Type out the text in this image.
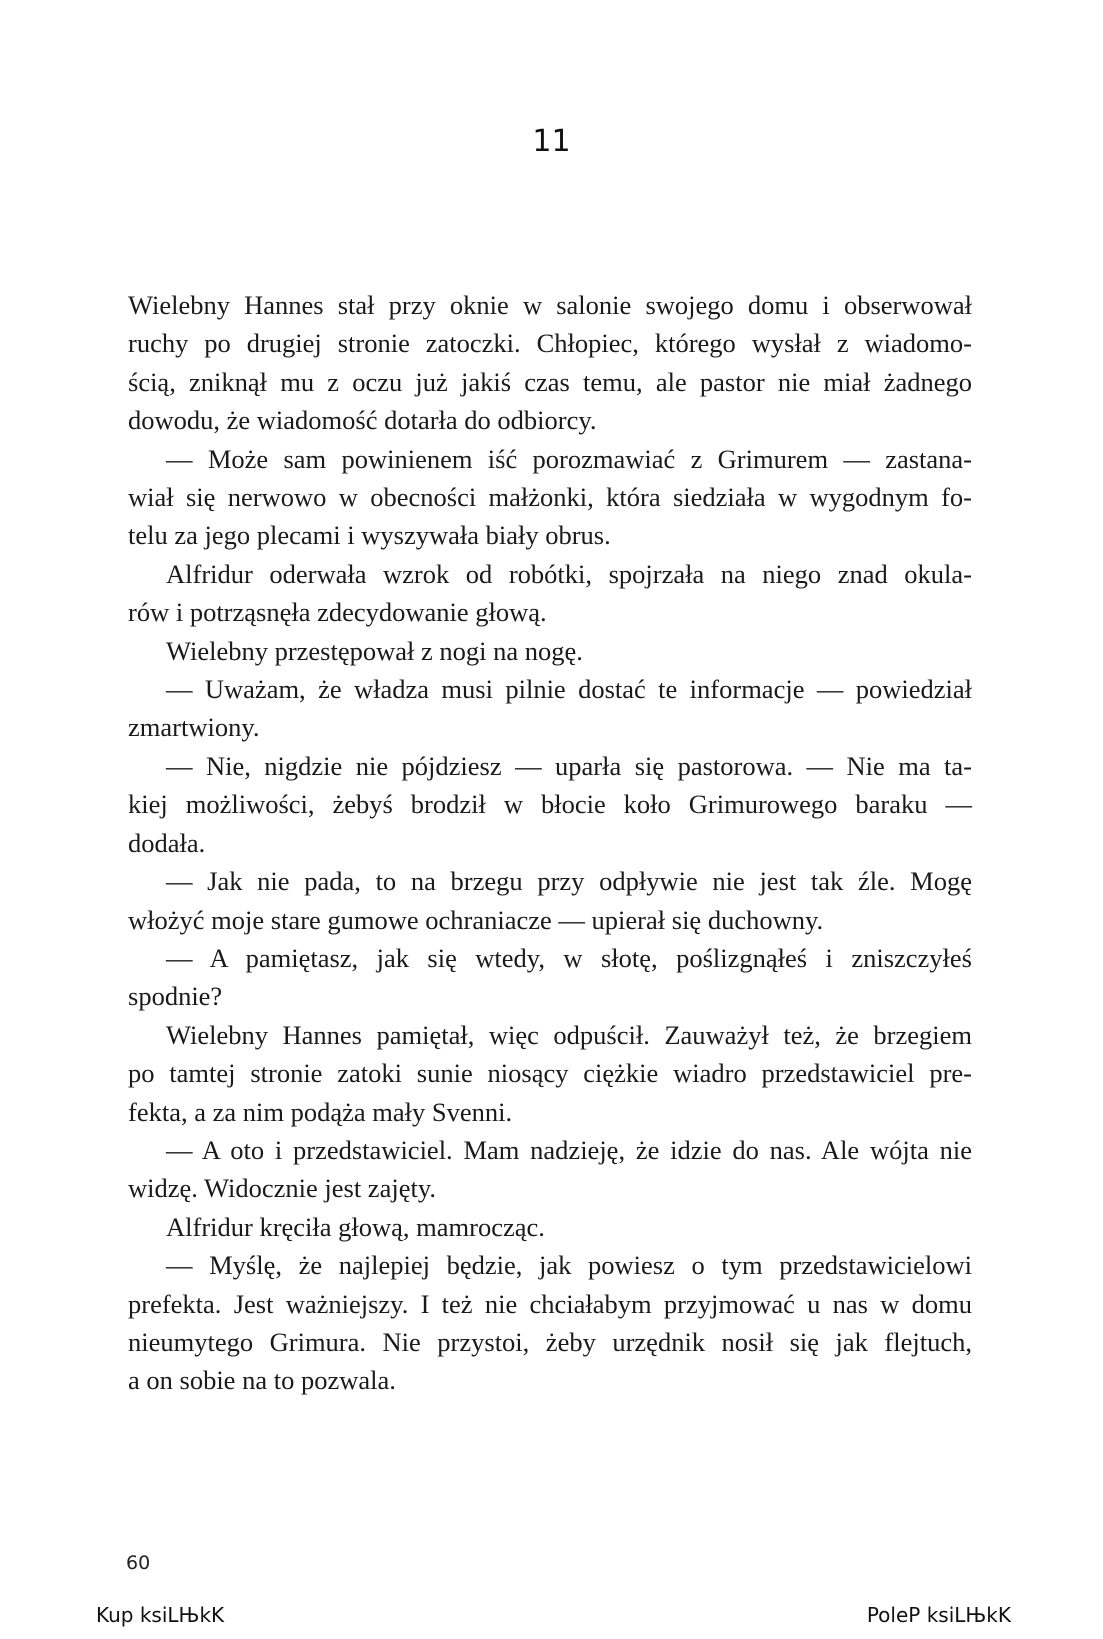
11
Wielebny Hannes stał przy oknie w salonie swojego domu i obserwował
ruchy po drugiej stronie zatoczki. Chłopiec, którego wysłał z wiadomo-
ścią, zniknął mu z oczu już jakiś czas temu, ale pastor nie miał żadnego
dowodu, że wiadomość dotarła do odbiorcy.
— Może sam powinienem iść porozmawiać z Grimurem — zastana-
wiał się nerwowo w obecności małżonki, która siedziała w wygodnym fo-
telu za jego plecami i wyszywała biały obrus.
Alfridur oderwała wzrok od robótki, spojrzała na niego znad okula-
rów i potrząsnęła zdecydowanie głową.
Wielebny przestępował z nogi na nogę.
— Uważam, że władza musi pilnie dostać te informacje — powiedział
zmartwiony.
— Nie, nigdzie nie pójdziesz — uparła się pastorowa. — Nie ma ta-
kiej możliwości, żebyś brodził w błocie koło Grimurowego baraku —
dodała.
— Jak nie pada, to na brzegu przy odpływie nie jest tak źle. Mogę
włożyć moje stare gumowe ochraniacze — upierał się duchowny.
— A pamiętasz, jak się wtedy, w słotę, poślizgnąłeś i zniszczyłeś
spodnie?
Wielebny Hannes pamiętał, więc odpuścił. Zauważył też, że brzegiem
po tamtej stronie zatoki sunie niosący ciężkie wiadro przedstawiciel pre-
fekta, a za nim podąża mały Svenni.
— A oto i przedstawiciel. Mam nadzieję, że idzie do nas. Ale wójta nie
widzę. Widocznie jest zajęty.
Alfridur kręciła głową, mamrocząc.
— Myślę, że najlepiej będzie, jak powiesz o tym przedstawicielowi
prefekta. Jest ważniejszy. I też nie chciałabym przyjmować u nas w domu
nieumytego Grimura. Nie przystoi, żeby urzędnik nosił się jak flejtuch,
a on sobie na to pozwala.
60
Kup ksiLЊkK	PoleP ksiLЊkK
